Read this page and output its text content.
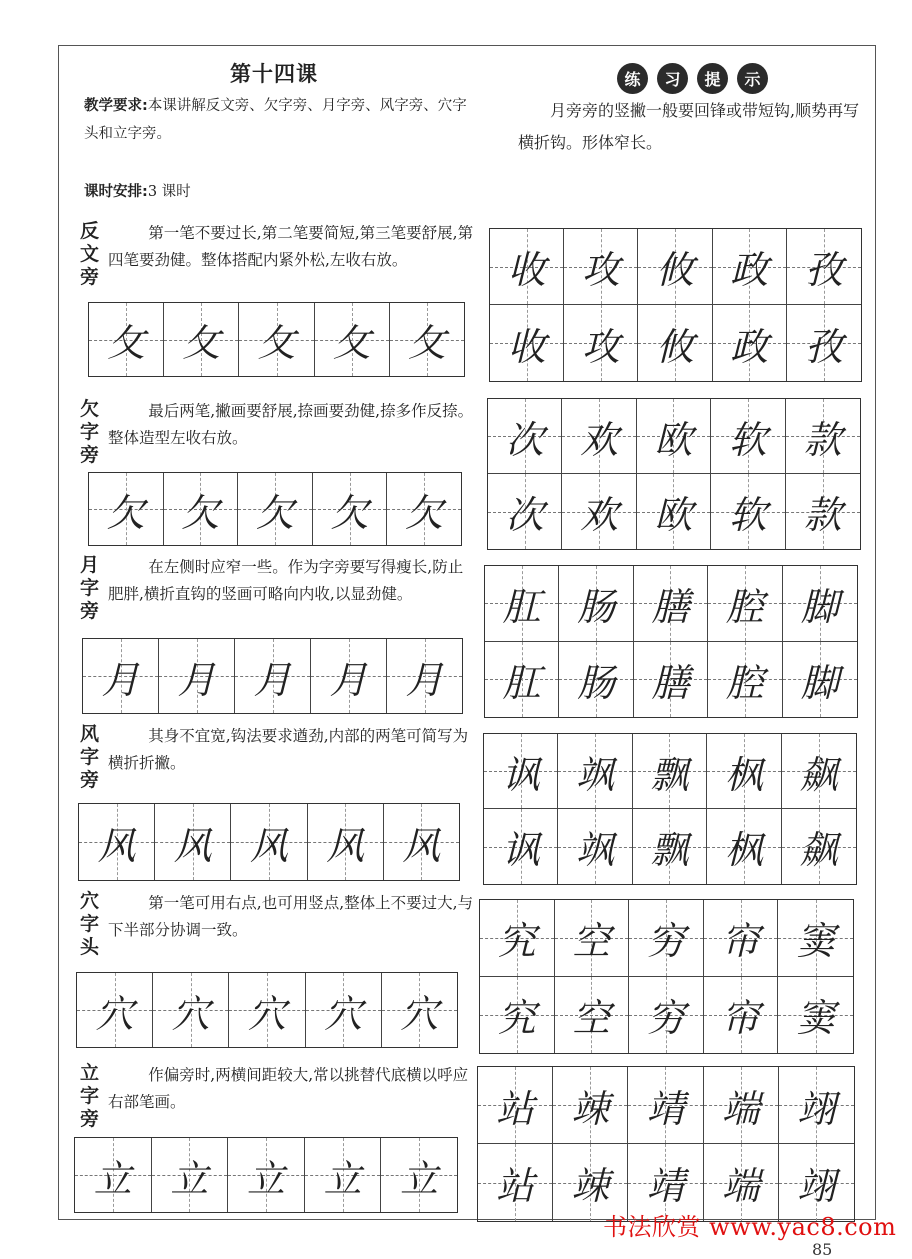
第十四课
教学要求:本课讲解反文旁、欠字旁、月字旁、风字旁、穴字头和立字旁。
课时安排:3 课时
练	习	提	示
月旁旁的竖撇一般要回锋或带短钩,顺势再写横折钩。形体窄长。
反文旁
第一笔不要过长,第二笔要简短,第三笔要舒展,第四笔要劲健。整体搭配内紧外松,左收右放。
攵 攵 攵 攵 攵
收 攻 攸 政 孜
收 攻 攸 政 孜
欠字旁
最后两笔,撇画要舒展,捺画要劲健,捺多作反捺。整体造型左收右放。
欠 欠 欠 欠 欠
次 欢 欧 软 款
次 欢 欧 软 款
月字旁
在左侧时应窄一些。作为字旁要写得瘦长,防止肥胖,横折直钩的竖画可略向内收,以显劲健。
月 月 月 月 月
肛 肠 膳 腔 脚
肛 肠 膳 腔 脚
风字旁
其身不宜宽,钩法要求遒劲,内部的两笔可简写为横折折撇。
风 风 风 风 风
讽 飒 飘 枫 飙
讽 飒 飘 枫 飙
穴字头
第一笔可用右点,也可用竖点,整体上不要过大,与下半部分协调一致。
穴 穴 穴 穴 穴
究 空 穷 帘 窦
究 空 穷 帘 窦
立字旁
作偏旁时,两横间距较大,常以挑替代底横以呼应右部笔画。
立 立 立 立 立
站 竦 靖 端 翊
站 竦 靖 端 翊
书法欣赏 www.yac8.com
85
